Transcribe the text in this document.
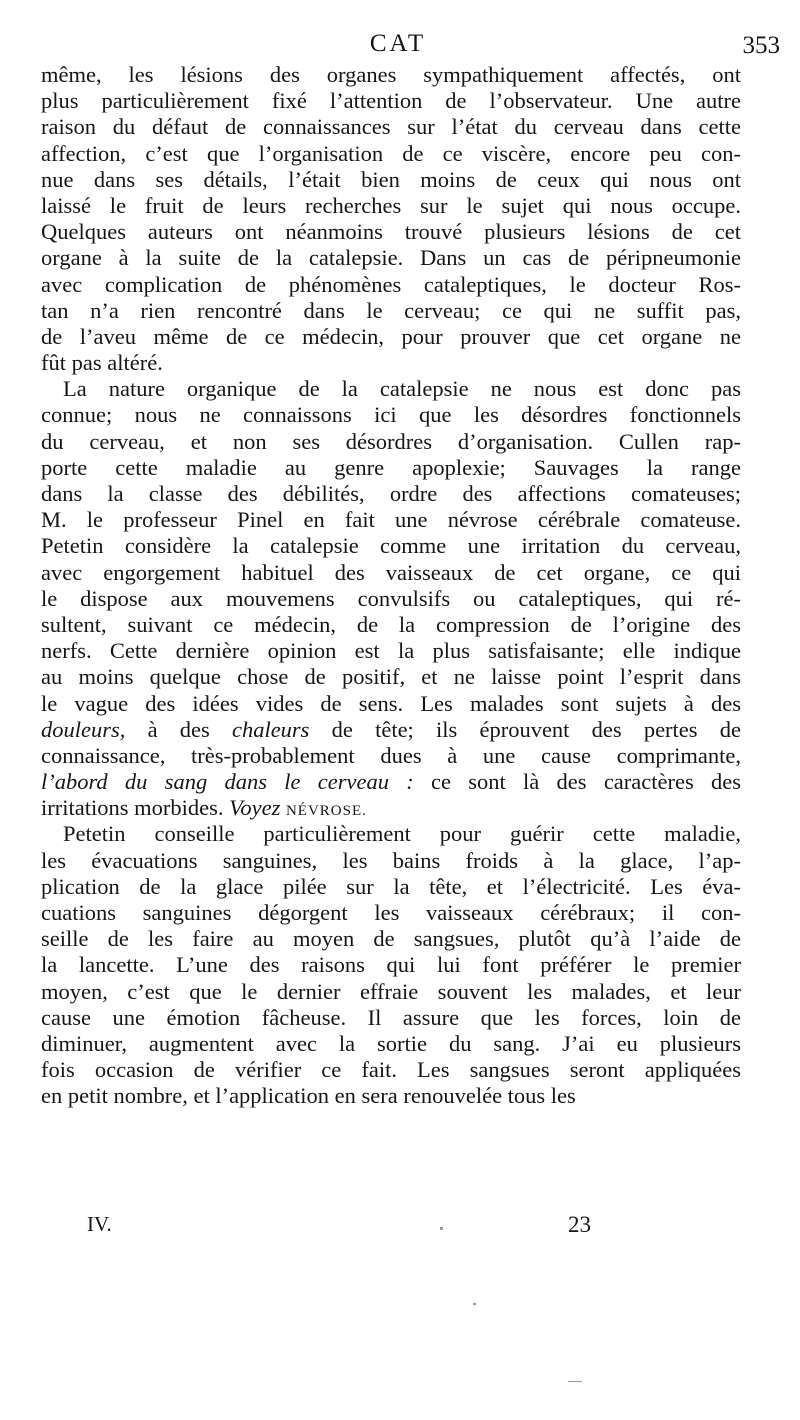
CAT	353
même, les lésions des organes sympathiquement affectés, ont
plus particulièrement fixé l’attention de l’observateur. Une autre
raison du défaut de connaissances sur l’état du cerveau dans cette
affection, c’est que l’organisation de ce viscère, encore peu con-
nue dans ses détails, l’était bien moins de ceux qui nous ont
laissé le fruit de leurs recherches sur le sujet qui nous occupe.
Quelques auteurs ont néanmoins trouvé plusieurs lésions de cet
organe à la suite de la catalepsie. Dans un cas de péripneumonie
avec complication de phénomènes cataleptiques, le docteur Ros-
tan n’a rien rencontré dans le cerveau; ce qui ne suffit pas,
de l’aveu même de ce médecin, pour prouver que cet organe ne
fût pas altéré.
La nature organique de la catalepsie ne nous est donc pas
connue; nous ne connaissons ici que les désordres fonctionnels
du cerveau, et non ses désordres d’organisation. Cullen rap-
porte cette maladie au genre apoplexie; Sauvages la range
dans la classe des débilités, ordre des affections comateuses;
M. le professeur Pinel en fait une névrose cérébrale comateuse.
Petetin considère la catalepsie comme une irritation du cerveau,
avec engorgement habituel des vaisseaux de cet organe, ce qui
le dispose aux mouvemens convulsifs ou cataleptiques, qui ré-
sultent, suivant ce médecin, de la compression de l’origine des
nerfs. Cette dernière opinion est la plus satisfaisante; elle indique
au moins quelque chose de positif, et ne laisse point l’esprit dans
le vague des idées vides de sens. Les malades sont sujets à des
douleurs, à des chaleurs de tête; ils éprouvent des pertes de
connaissance, très-probablement dues à une cause comprimante,
l’abord du sang dans le cerveau : ce sont là des caractères des
irritations morbides. Voyez NÉVROSE.
Petetin conseille particulièrement pour guérir cette maladie,
les évacuations sanguines, les bains froids à la glace, l’ap-
plication de la glace pilée sur la tête, et l’électricité. Les éva-
cuations sanguines dégorgent les vaisseaux cérébraux; il con-
seille de les faire au moyen de sangsues, plutôt qu’à l’aide de
la lancette. L’une des raisons qui lui font préférer le premier
moyen, c’est que le dernier effraie souvent les malades, et leur
cause une émotion fâcheuse. Il assure que les forces, loin de
diminuer, augmentent avec la sortie du sang. J’ai eu plusieurs
fois occasion de vérifier ce fait. Les sangsues seront appliquées
en petit nombre, et l’application en sera renouvelée tous les
IV.	23
